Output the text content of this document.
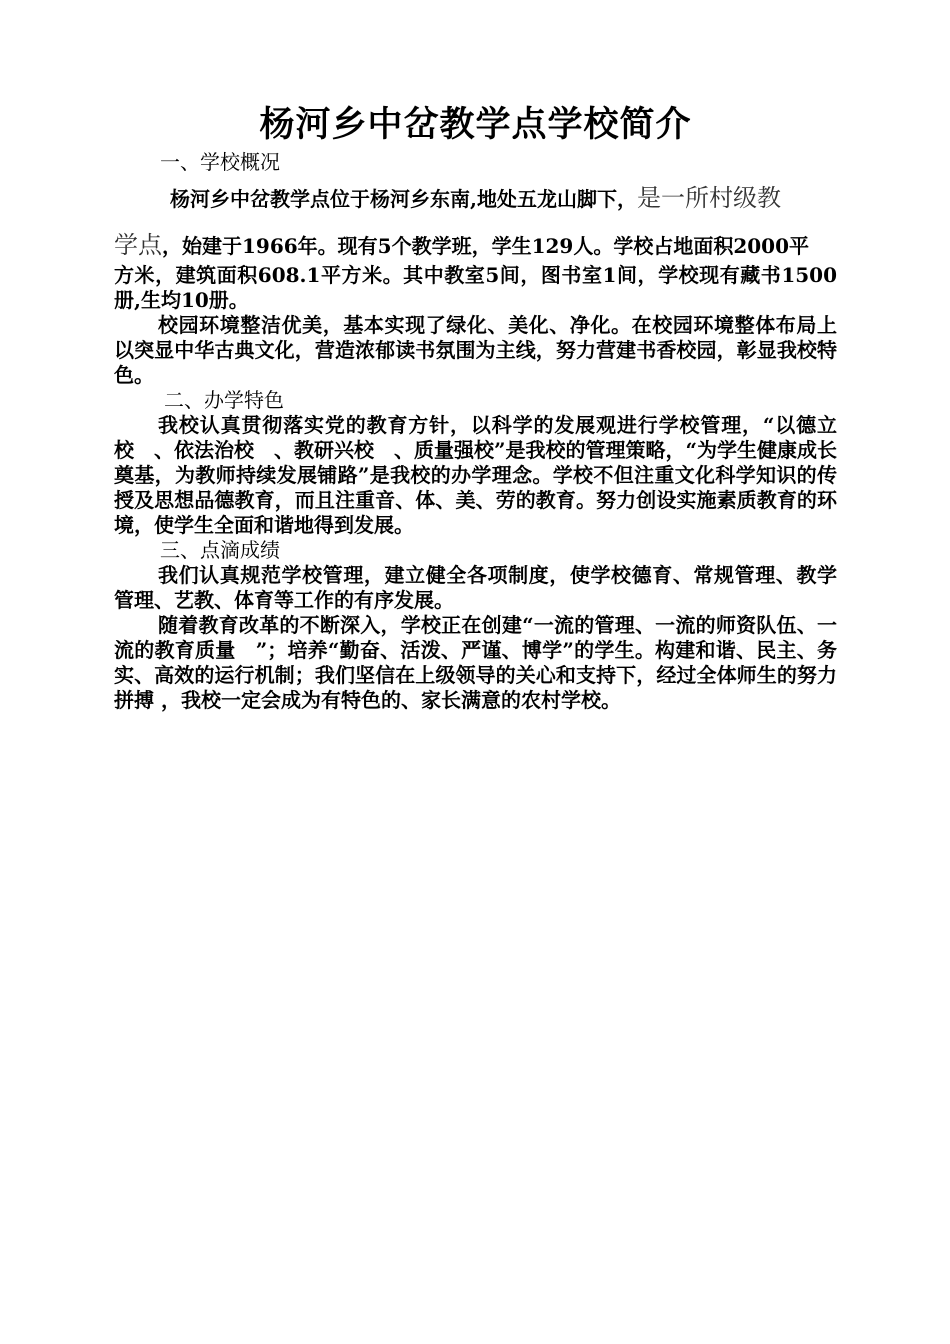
杨河乡中岔教学点学校简介

一、学校概况

杨河乡中岔教学点位于杨河乡东南,地处五龙山脚下，是一所村级教
学点，始建于1966年。现有5个教学班，学生129人。学校占地面积2000平
方米，建筑面积608.1平方米。其中教室5间，图书室1间，学校现有藏书1500册,生均10册。

校园环境整洁优美，基本实现了绿化、美化、净化。在校园环境整体布局上以突显中华古典文化，营造浓郁读书氛围为主线，努力营建书香校园，彰显我校特色。

二、办学特色

我校认真贯彻落实党的教育方针，以科学的发展观进行学校管理，“以德立校　、依法治校　、教研兴校　、质量强校”是我校的管理策略，“为学生健康成长奠基，为教师持续发展铺路”是我校的办学理念。学校不但注重文化科学知识的传授及思想品德教育，而且注重音、体、美、劳的教育。努力创设实施素质教育的环境，使学生全面和谐地得到发展。

三、点滴成绩

我们认真规范学校管理，建立健全各项制度，使学校德育、常规管理、教学管理、艺教、体育等工作的有序发展。

随着教育改革的不断深入，学校正在创建“一流的管理、一流的师资队伍、一流的教育质量　”；培养“勤奋、活泼、严谨、博学”的学生。构建和谐、民主、务实、高效的运行机制；我们坚信在上级领导的关心和支持下，经过全体师生的努力拼搏 ，我校一定会成为有特色的、家长满意的农村学校。
